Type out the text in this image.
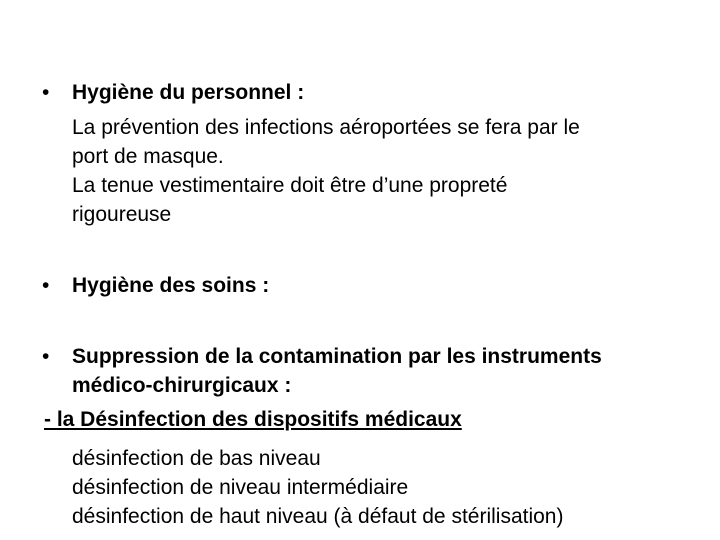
• Hygiène du personnel :
La prévention des infections aéroportées se fera par le
port de masque.
La tenue vestimentaire doit être d’une propreté
rigoureuse
• Hygiène des soins :
• Suppression de la contamination par les instruments
médico-chirurgicaux :
- la Désinfection des dispositifs médicaux
désinfection de bas niveau
désinfection de niveau intermédiaire
désinfection de haut niveau (à défaut de stérilisation)
